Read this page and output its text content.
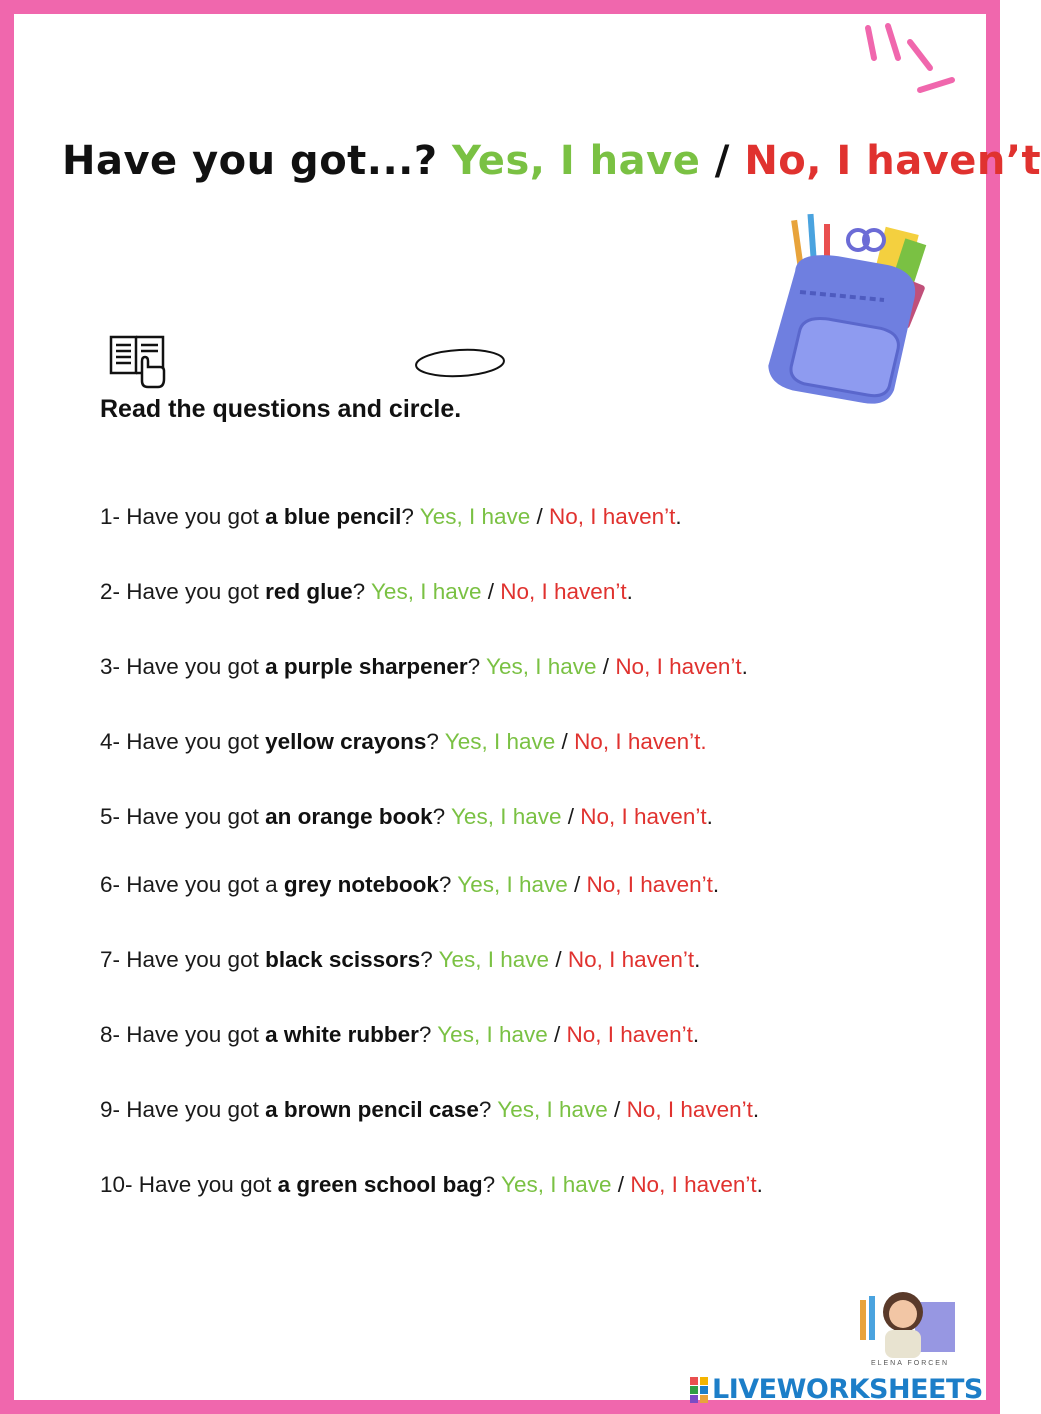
Have you got...? Yes, I have / No, I haven’t
Read the questions and circle.
1- Have you got a blue pencil? Yes, I have / No, I haven’t.
2- Have you got red glue? Yes, I have / No, I haven’t.
3- Have you got a purple sharpener? Yes, I have / No, I haven’t.
4- Have you got yellow crayons? Yes, I have / No, I haven’t.
5- Have you got an orange book? Yes, I have / No, I haven’t.
6- Have you got a grey notebook? Yes, I have / No, I haven’t.
7- Have you got black scissors? Yes, I have / No, I haven’t.
8- Have you got a white rubber? Yes, I have / No, I haven’t.
9- Have you got a brown pencil case? Yes, I have / No, I haven’t.
10- Have you got a green school bag? Yes, I have / No, I haven’t.
ELENA FORCEN
LIVEWORKSHEETS
